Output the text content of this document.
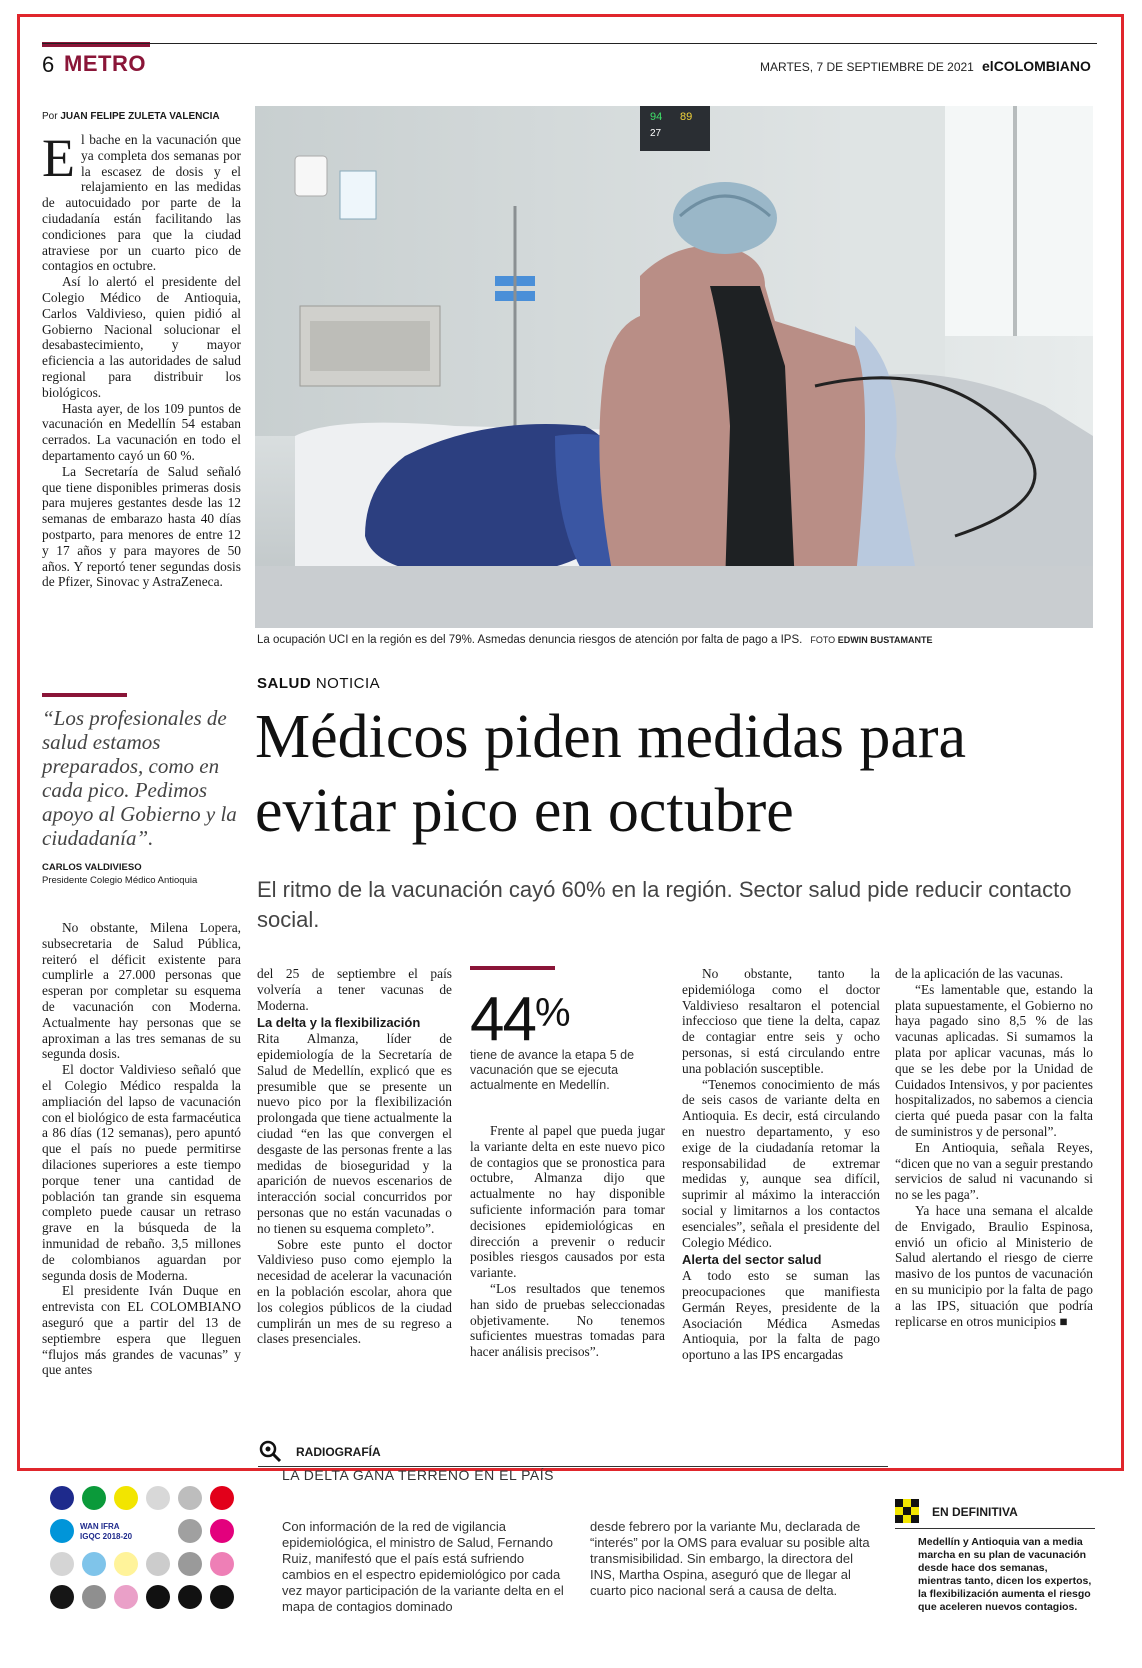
6 METRO	MARTES, 7 DE SEPTIEMBRE DE 2021 elCOLOMBIANO
Por JUAN FELIPE ZULETA VALENCIA

El bache en la vacunación que ya completa dos semanas por la escasez de dosis y el relajamiento en las medidas de autocuidado por parte de la ciudadanía están facilitando las condiciones para que la ciudad atraviese por un cuarto pico de contagios en octubre.

Así lo alertó el presidente del Colegio Médico de Antioquia, Carlos Valdivieso, quien pidió al Gobierno Nacional solucionar el desabastecimiento, y mayor eficiencia a las autoridades de salud regional para distribuir los biológicos.

Hasta ayer, de los 109 puntos de vacunación en Medellín 54 estaban cerrados. La vacunación en todo el departamento cayó un 60 %.

La Secretaría de Salud señaló que tiene disponibles primeras dosis para mujeres gestantes desde las 12 semanas de embarazo hasta 40 días postparto, para menores de entre 12 y 17 años y para mayores de 50 años. Y reportó tener segundas dosis de Pfizer, Sinovac y AstraZeneca.

94 89
27
La ocupación UCI en la región es del 79%. Asmedas denuncia riesgos de atención por falta de pago a IPS. FOTO EDWIN BUSTAMANTE
SALUD NOTICIA
Médicos piden medidas para evitar pico en octubre
El ritmo de la vacunación cayó 60% en la región. Sector salud pide reducir contacto social.
“Los profesionales de salud estamos preparados, como en cada pico. Pedimos apoyo al Gobierno y la ciudadanía”.
CARLOS VALDIVIESO
Presidente Colegio Médico Antioquia

No obstante, Milena Lopera, subsecretaria de Salud Pública, reiteró el déficit existente para cumplirle a 27.000 personas que esperan por completar su esquema de vacunación con Moderna. Actualmente hay personas que se aproximan a las tres semanas de su segunda dosis.

El doctor Valdivieso señaló que el Colegio Médico respalda la ampliación del lapso de vacunación con el biológico de esta farmacéutica a 86 días (12 semanas), pero apuntó que el país no puede permitirse dilaciones superiores a este tiempo porque tener una cantidad de población tan grande sin esquema completo puede causar un retraso grave en la búsqueda de la inmunidad de rebaño. 3,5 millones de colombianos aguardan por segunda dosis de Moderna.

El presidente Iván Duque en entrevista con EL COLOMBIANO aseguró que a partir del 13 de septiembre espera que lleguen “flujos más grandes de vacunas” y que antes

del 25 de septiembre el país volvería a tener vacunas de Moderna.

La delta y la flexibilización

Rita Almanza, líder de epidemiología de la Secretaría de Salud de Medellín, explicó que es presumible que se presente un nuevo pico por la flexibilización prolongada que tiene actualmente la ciudad “en las que convergen el desgaste de las personas frente a las medidas de bioseguridad y la aparición de nuevos escenarios de interacción social concurridos por personas que no están vacunadas o no tienen su esquema completo”.

Sobre este punto el doctor Valdivieso puso como ejemplo la necesidad de acelerar la vacunación en la población escolar, ahora que los colegios públicos de la ciudad cumplirán un mes de su regreso a clases presenciales.

44%
tiene de avance la etapa 5 de vacunación que se ejecuta actualmente en Medellín.

Frente al papel que pueda jugar la variante delta en este nuevo pico de contagios que se pronostica para octubre, Almanza dijo que actualmente no hay disponible suficiente información para tomar decisiones epidemiológicas en dirección a prevenir o reducir posibles riesgos causados por esta variante.

“Los resultados que tenemos han sido de pruebas seleccionadas objetivamente. No tenemos suficientes muestras tomadas para hacer análisis precisos”.

No obstante, tanto la epidemióloga como el doctor Valdivieso resaltaron el potencial infeccioso que tiene la delta, capaz de contagiar entre seis y ocho personas, si está circulando entre una población susceptible.

“Tenemos conocimiento de más de seis casos de variante delta en Antioquia. Es decir, está circulando en nuestro departamento, y eso exige de la ciudadanía retomar la responsabilidad de extremar medidas y, aunque sea difícil, suprimir al máximo la interacción social y limitarnos a los contactos esenciales”, señala el presidente del Colegio Médico.

Alerta del sector salud

A todo esto se suman las preocupaciones que manifiesta Germán Reyes, presidente de la Asociación Médica Asmedas Antioquia, por la falta de pago oportuno a las IPS encargadas

de la aplicación de las vacunas.

“Es lamentable que, estando la plata supuestamente, el Gobierno no haya pagado sino 8,5 % de las vacunas aplicadas. Si sumamos la plata por aplicar vacunas, más lo que se les debe por la Unidad de Cuidados Intensivos, y por pacientes hospitalizados, no sabemos a ciencia cierta qué pueda pasar con la falta de suministros y de personal”.

En Antioquia, señala Reyes, “dicen que no van a seguir prestando servicios de salud ni vacunando si no se les paga”.

Ya hace una semana el alcalde de Envigado, Braulio Espinosa, envió un oficio al Ministerio de Salud alertando el riesgo de cierre masivo de los puntos de vacunación en su municipio por la falta de pago a las IPS, situación que podría replicarse en otros municipios ■

RADIOGRAFÍA
LA DELTA GANA TERRENO EN EL PAÍS
Con información de la red de vigilancia epidemiológica, el ministro de Salud, Fernando Ruiz, manifestó que el país está sufriendo cambios en el espectro epidemiológico por cada vez mayor participación de la variante delta en el mapa de contagios dominado
desde febrero por la variante Mu, declarada de “interés” por la OMS para evaluar su posible alta transmisibilidad. Sin embargo, la directora del INS, Martha Ospina, aseguró que de llegar al cuarto pico nacional será a causa de delta.
WAN IFRA
IGQC 2018-20
EN DEFINITIVA
Medellín y Antioquia van a media marcha en su plan de vacunación desde hace dos semanas, mientras tanto, dicen los expertos, la flexibilización aumenta el riesgo que aceleren nuevos contagios.
